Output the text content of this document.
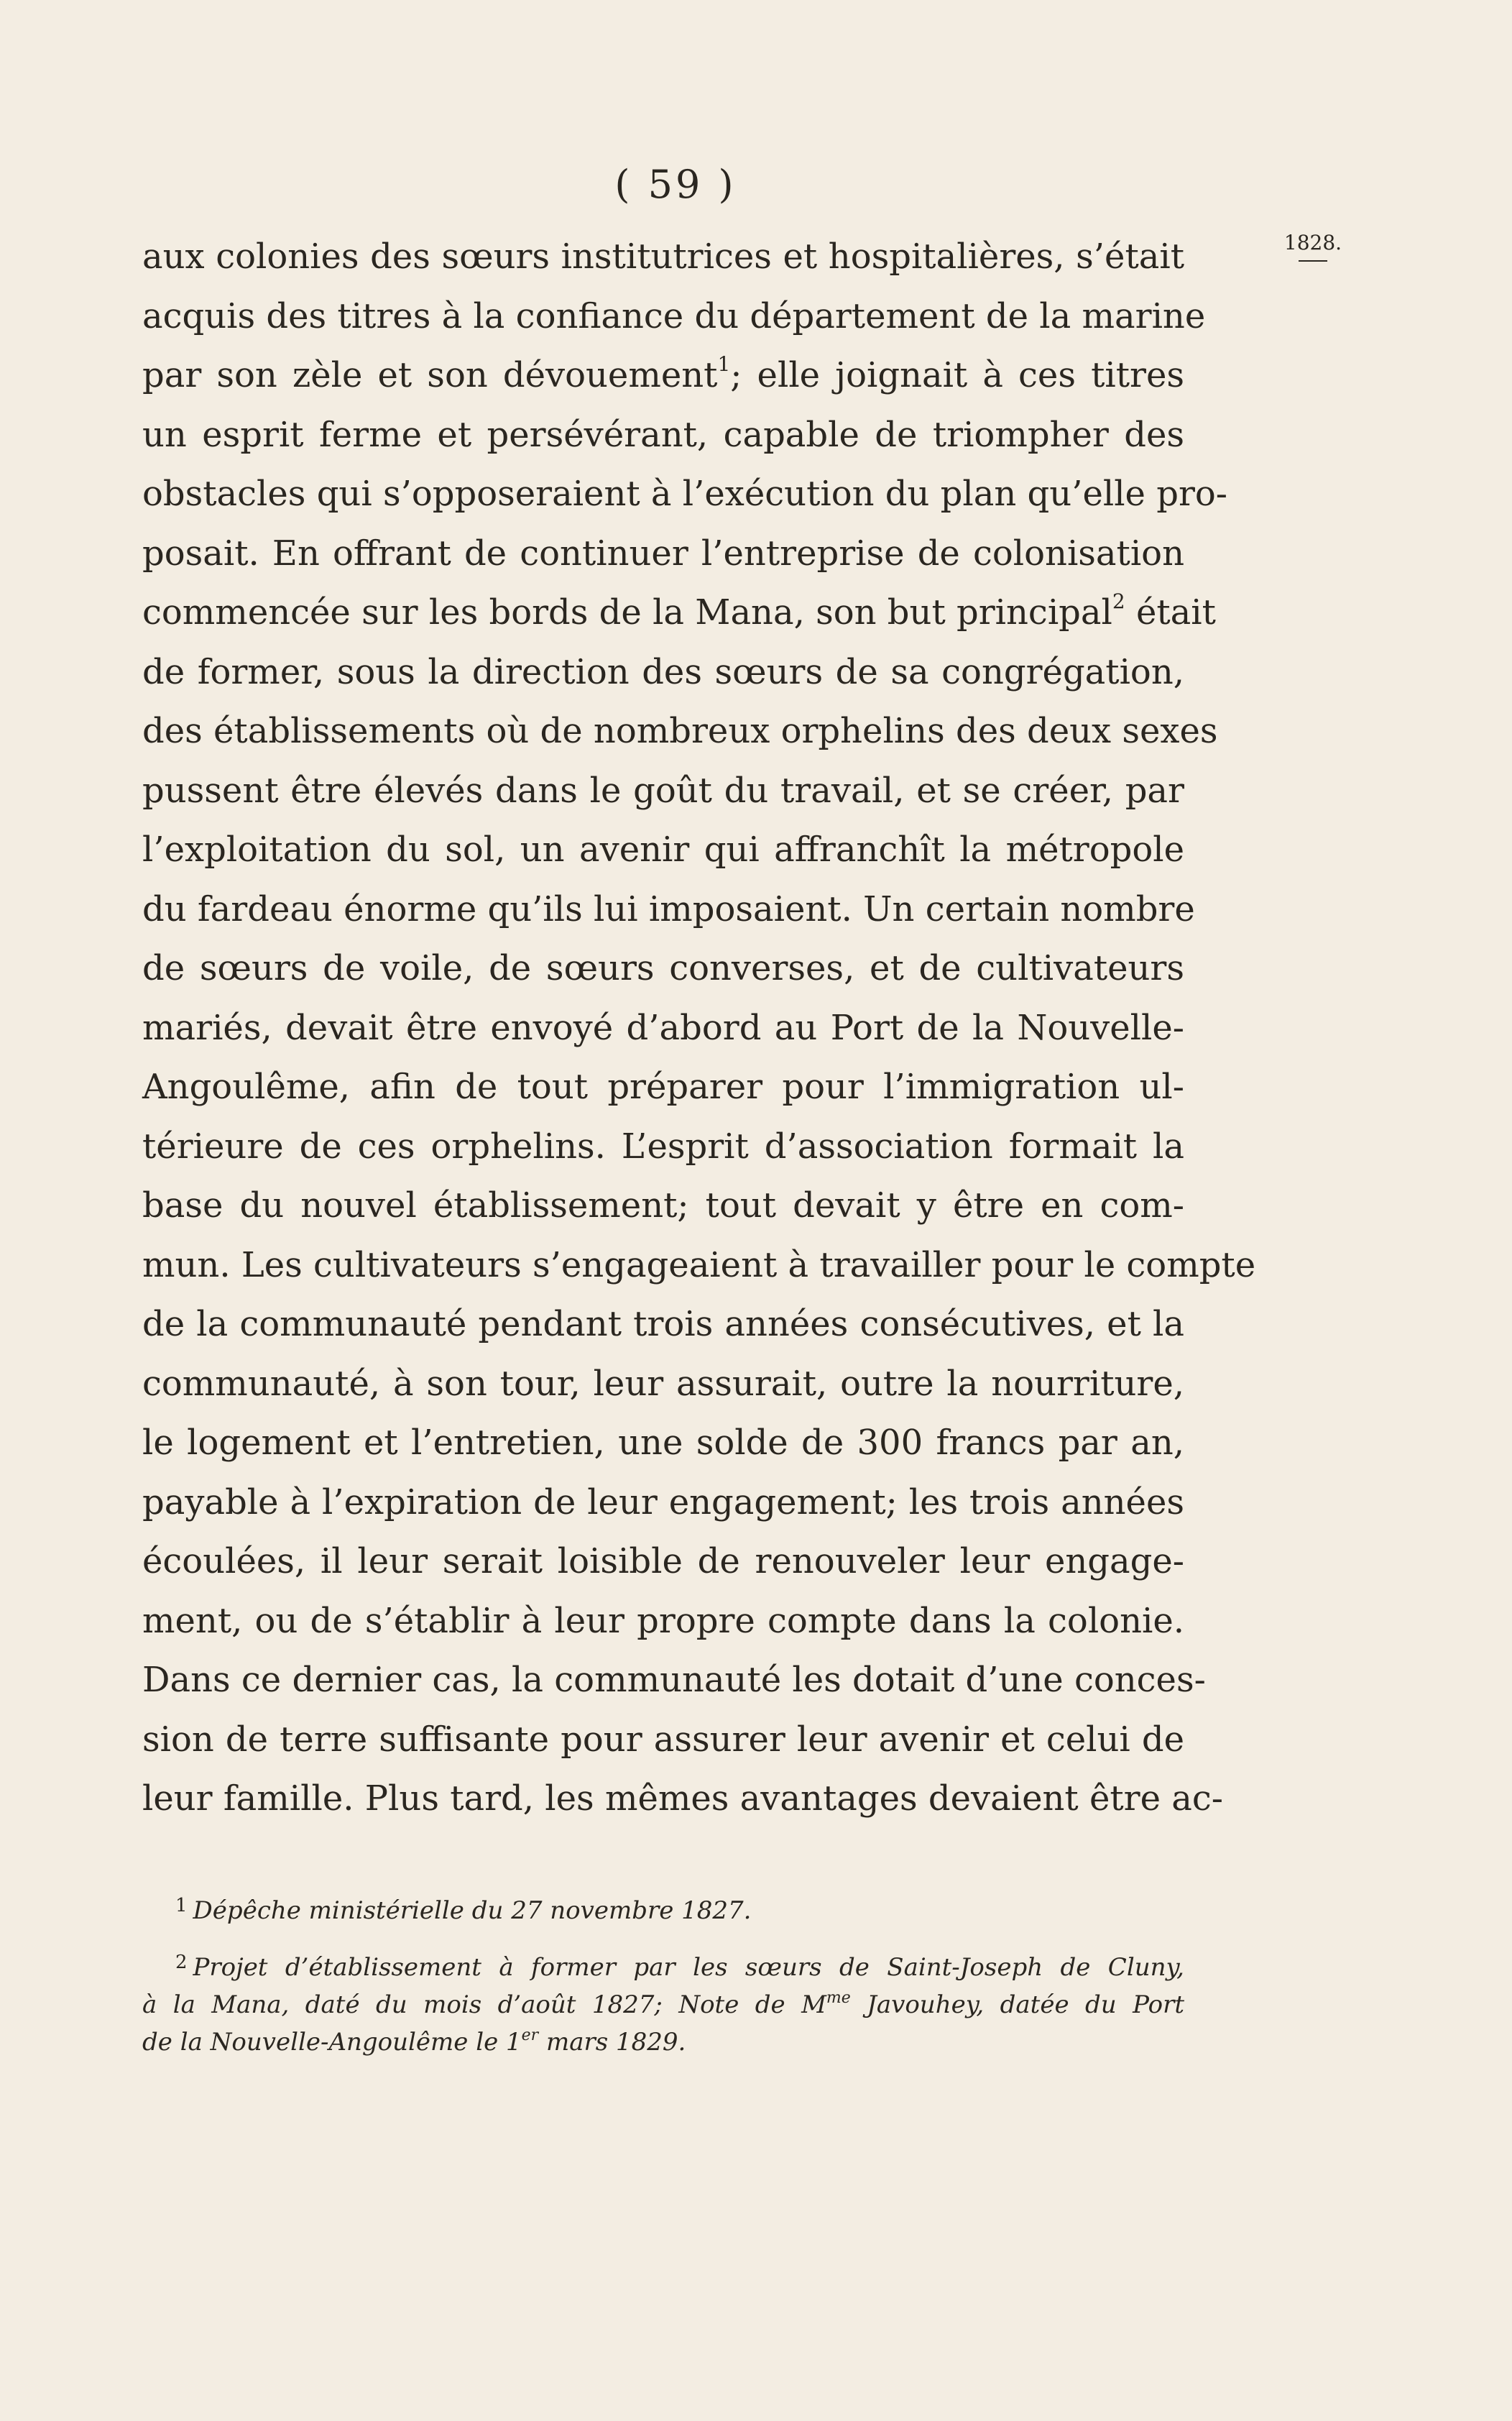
( 59 )
1828.
aux colonies des sœurs institutrices et hospitalières, s’était
acquis des titres à la confiance du département de la marine
par son zèle et son dévouement$^1$; elle joignait à ces titres
un esprit ferme et persévérant, capable de triompher des
obstacles qui s’opposeraient à l’exécution du plan qu’elle pro-
posait. En offrant de continuer l’entreprise de colonisation
commencée sur les bords de la Mana, son but principal$^2$ était
de former, sous la direction des sœurs de sa congrégation,
des établissements où de nombreux orphelins des deux sexes
pussent être élevés dans le goût du travail, et se créer, par
l’exploitation du sol, un avenir qui affranchît la métropole
du fardeau énorme qu’ils lui imposaient. Un certain nombre
de sœurs de voile, de sœurs converses, et de cultivateurs
mariés, devait être envoyé d’abord au Port de la Nouvelle-
Angoulême, afin de tout préparer pour l’immigration ul-
térieure de ces orphelins. L’esprit d’association formait la
base du nouvel établissement; tout devait y être en com-
mun. Les cultivateurs s’engageaient à travailler pour le compte
de la communauté pendant trois années consécutives, et la
communauté, à son tour, leur assurait, outre la nourriture,
le logement et l’entretien, une solde de 300 francs par an,
payable à l’expiration de leur engagement; les trois années
écoulées, il leur serait loisible de renouveler leur engage-
ment, ou de s’établir à leur propre compte dans la colonie.
Dans ce dernier cas, la communauté les dotait d’une conces-
sion de terre suffisante pour assurer leur avenir et celui de
leur famille. Plus tard, les mêmes avantages devaient être ac-
$^1$ Dépêche ministérielle du 27 novembre 1827.
$^2$ Projet d’établissement à former par les sœurs de Saint-Joseph de Cluny,
à la Mana, daté du mois d’août 1827; Note de $M^{me}$ Javouhey, datée du Port
de la Nouvelle-Angoulême le 1er mars 1829.
